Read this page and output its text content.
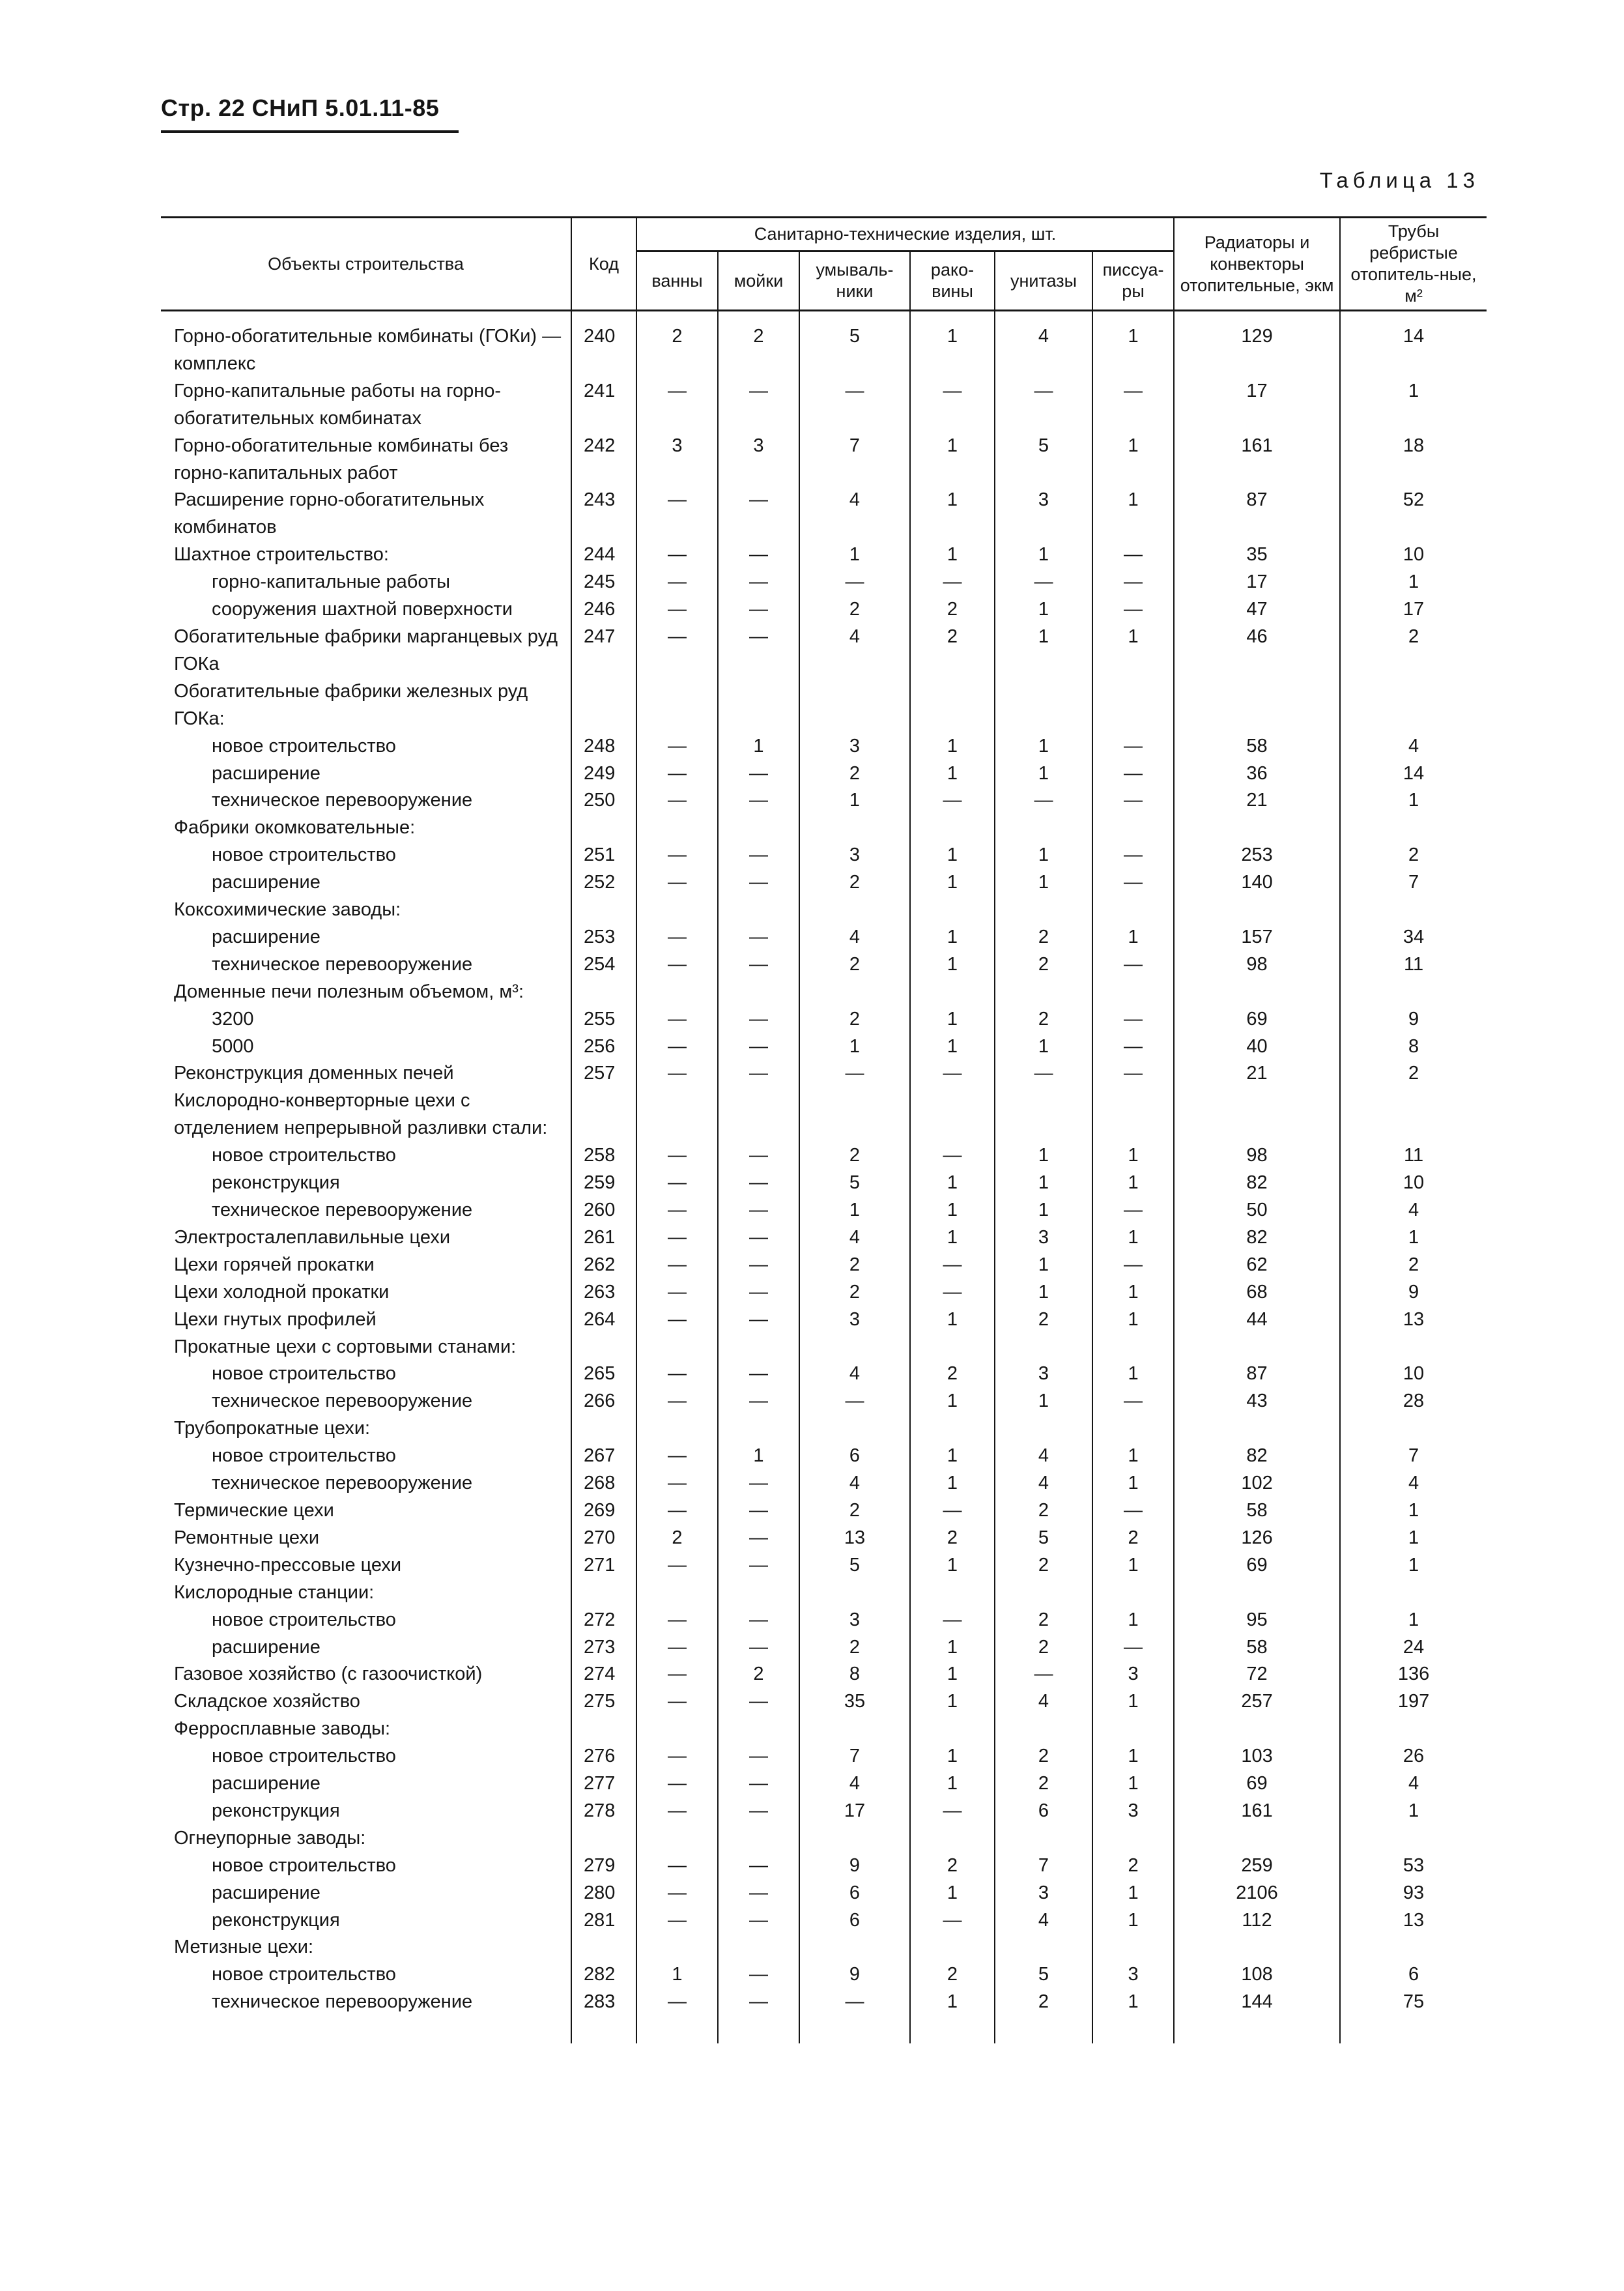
Стр. 22 СНиП 5.01.11-85
Таблица 13
Объекты строительства	Код	Санитарно-технические изделия, шт.						Радиаторы и конвекторы отопительные, экм	Трубы ребристые отопитель-ные, м²
		ванны	мойки	умываль-ники	рако-вины	унитазы	писсуа-ры		
Горно-обогатительные комбинаты (ГОКи) — комплекс	240	2	2	5	1	4	1	129	14
Горно-капитальные работы на горно-обогатительных комбинатах	241	—	—	—	—	—	—	17	1
Горно-обогатительные комбинаты без горно-капитальных работ	242	3	3	7	1	5	1	161	18
Расширение горно-обогатительных комбинатов	243	—	—	4	1	3	1	87	52
Шахтное строительство:	244	—	—	1	1	1	—	35	10
горно-капитальные работы	245	—	—	—	—	—	—	17	1
сооружения шахтной поверхности	246	—	—	2	2	1	—	47	17
Обогатительные фабрики марганцевых руд ГОКа	247	—	—	4	2	1	1	46	2
Обогатительные фабрики железных руд ГОКа:									
новое строительство	248	—	1	3	1	1	—	58	4
расширение	249	—	—	2	1	1	—	36	14
техническое перевооружение	250	—	—	1	—	—	—	21	1
Фабрики окомковательные:									
новое строительство	251	—	—	3	1	1	—	253	2
расширение	252	—	—	2	1	1	—	140	7
Коксохимические заводы:									
расширение	253	—	—	4	1	2	1	157	34
техническое перевооружение	254	—	—	2	1	2	—	98	11
Доменные печи полезным объемом, м³:									
3200	255	—	—	2	1	2	—	69	9
5000	256	—	—	1	1	1	—	40	8
Реконструкция доменных печей	257	—	—	—	—	—	—	21	2
Кислородно-конверторные цехи с отделением непрерывной разливки стали:									
новое строительство	258	—	—	2	—	1	1	98	11
реконструкция	259	—	—	5	1	1	1	82	10
техническое перевооружение	260	—	—	1	1	1	—	50	4
Электросталеплавильные цехи	261	—	—	4	1	3	1	82	1
Цехи горячей прокатки	262	—	—	2	—	1	—	62	2
Цехи холодной прокатки	263	—	—	2	—	1	1	68	9
Цехи гнутых профилей	264	—	—	3	1	2	1	44	13
Прокатные цехи с сортовыми станами:									
новое строительство	265	—	—	4	2	3	1	87	10
техническое перевооружение	266	—	—	—	1	1	—	43	28
Трубопрокатные цехи:									
новое строительство	267	—	1	6	1	4	1	82	7
техническое перевооружение	268	—	—	4	1	4	1	102	4
Термические цехи	269	—	—	2	—	2	—	58	1
Ремонтные цехи	270	2	—	13	2	5	2	126	1
Кузнечно-прессовые цехи	271	—	—	5	1	2	1	69	1
Кислородные станции:									
новое строительство	272	—	—	3	—	2	1	95	1
расширение	273	—	—	2	1	2	—	58	24
Газовое хозяйство (с газоочисткой)	274	—	2	8	1	—	3	72	136
Складское хозяйство	275	—	—	35	1	4	1	257	197
Ферросплавные заводы:									
новое строительство	276	—	—	7	1	2	1	103	26
расширение	277	—	—	4	1	2	1	69	4
реконструкция	278	—	—	17	—	6	3	161	1
Огнеупорные заводы:									
новое строительство	279	—	—	9	2	7	2	259	53
расширение	280	—	—	6	1	3	1	2106	93
реконструкция	281	—	—	6	—	4	1	112	13
Метизные цехи:									
новое строительство	282	1	—	9	2	5	3	108	6
техническое перевооружение	283	—	—	—	1	2	1	144	75
